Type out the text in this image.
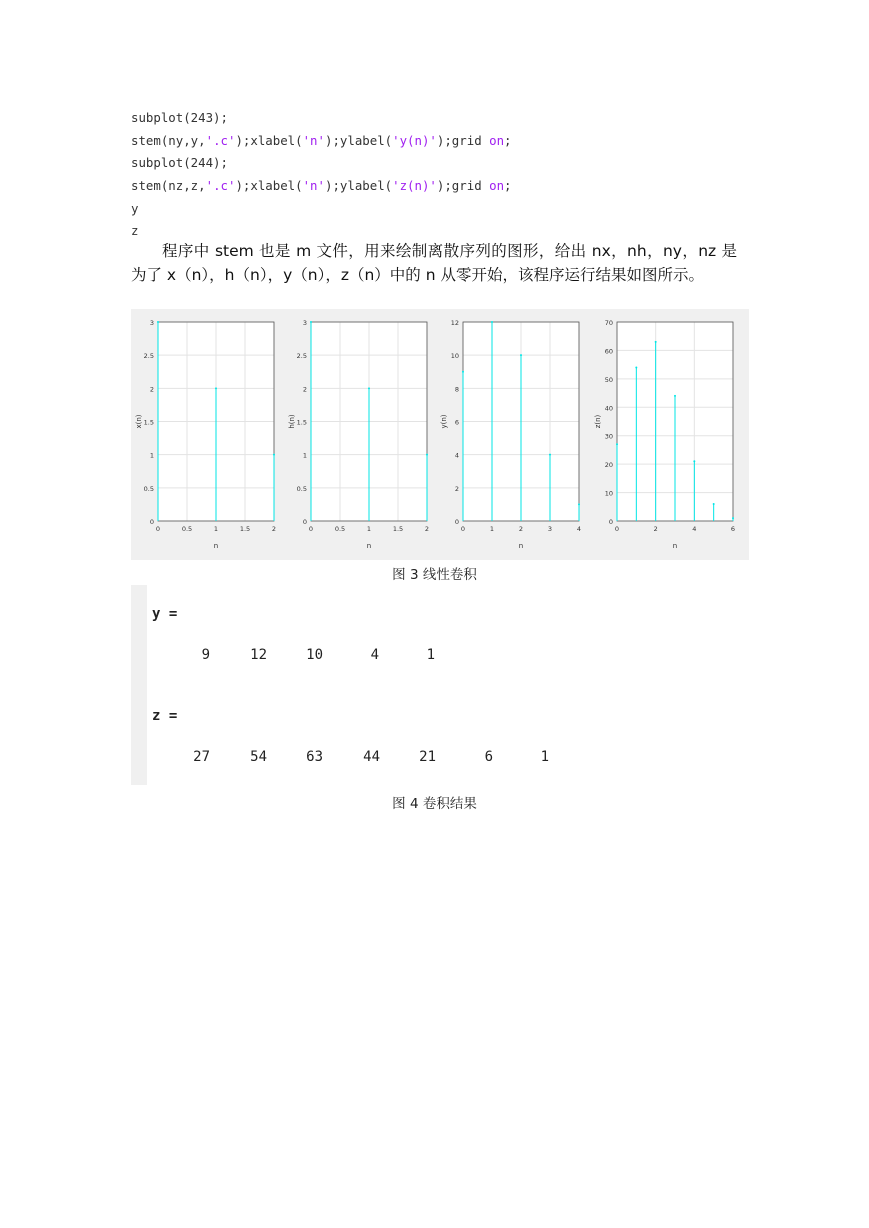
subplot(243);
stem(ny,y,'.c');xlabel('n');ylabel('y(n)');grid on;
subplot(244);
stem(nz,z,'.c');xlabel('n');ylabel('z(n)');grid on;
y
z
程序中 stem 也是 m 文件，用来绘制离散序列的图形，给出 nx，nh，ny，nz 是为了 x（n），h（n），y（n），z（n）中的 n 从零开始，该程序运行结果如图所示。
0
0.5
1
1.5
2
2.5
3
0	0.5	1	1.5	2
n
x(n)
0
0.5
1
1.5
2
2.5
3
0	0.5	1	1.5	2
n
h(n)
0
2
4
6
8
10
12
0	1	2	3	4
n
y(n)
0
10
20
30
40
50
60
70
0	2	4	6
n
z(n)
图 3 线性卷积
y =
9	12	10	4	1
z =
27	54	63	44	21	6	1
图 4 卷积结果
